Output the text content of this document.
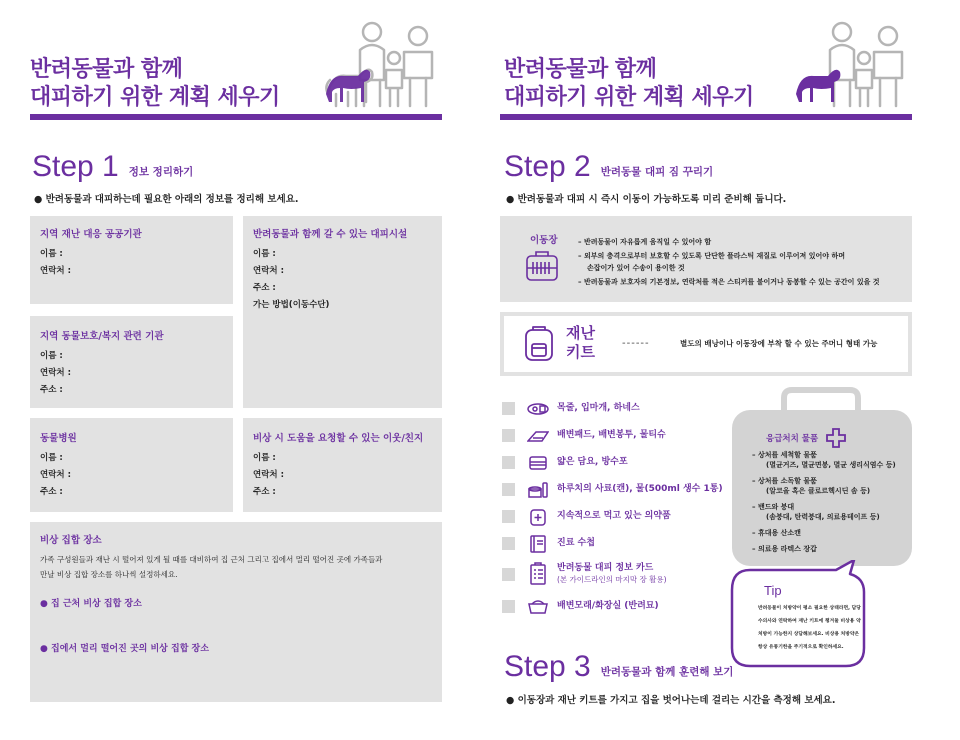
반려동물과 함께
대피하기 위한 계획 세우기
Step 1 정보 정리하기
● 반려동물과 대피하는데 필요한 아래의 정보를 정리해 보세요.
지역 재난 대응 공공기관
이름 :
연락처 :
반려동물과 함께 갈 수 있는 대피시설
이름 :
연락처 :
주소 :
가는 방법(이동수단)
지역 동물보호/복지 관련 기관
이름 :
연락처 :
주소 :
동물병원
이름 :
연락처 :
주소 :
비상 시 도움을 요청할 수 있는 이웃/친지
이름 :
연락처 :
주소 :
비상 집합 장소
가족 구성원들과 재난 시 떨어져 있게 될 때를 대비하여 집 근처 그리고 집에서 멀리 떨어진 곳에 가족들과
만날 비상 집합 장소를 하나씩 설정하세요.
● 집 근처 비상 집합 장소
● 집에서 멀리 떨어진 곳의 비상 집합 장소
반려동물과 함께
대피하기 위한 계획 세우기
Step 2 반려동물 대피 짐 꾸리기
● 반려동물과 대피 시 즉시 이동이 가능하도록 미리 준비해 둡니다.
이동장	– 반려동물이 자유롭게 움직일 수 있어야 함
– 외부의 충격으로부터 보호할 수 있도록 단단한 플라스틱 재질로 이루어져 있어야 하며
손잡이가 있어 수송이 용이한 것
– 반려동물과 보호자의 기본정보, 연락처를 적은 스티커를 붙이거나 동봉할 수 있는 공간이 있을 것
재난
키트	------	별도의 배낭이나 이동장에 부착 할 수 있는 주머니 형태 가능
목줄, 입마개, 하네스
배변패드, 배변봉투, 물티슈
얇은 담요, 방수포
하루치의 사료(캔), 물(500ml 생수 1통)
지속적으로 먹고 있는 의약품
진료 수첩
반려동물 대피 정보 카드
(본 가이드라인의 마지막 장 활용)
배변모래/화장실 (반려묘)
응급처치 물품
– 상처를 세척할 물품
(멸균거즈, 멸균면봉, 멸균 생리식염수 등)
– 상처를 소독할 물품
(알코올 혹은 클로르헥시딘 솜 등)
– 밴드와 붕대
(솜붕대, 탄력붕대, 의료용테이프 등)
– 휴대용 산소캔
– 의료용 라텍스 장갑
Tip
반려동물이 처방약이 평소 필요한 상태라면, 담당
수의사와 연락하여 재난 키트에 챙겨둘 비상용 약
처방이 가능한지 상담해보세요. 비상용 처방약은
항상 유통기한을 주기적으로 확인하세요.
Step 3 반려동물과 함께 훈련해 보기
● 이동장과 재난 키트를 가지고 집을 벗어나는데 걸리는 시간을 측정해 보세요.
